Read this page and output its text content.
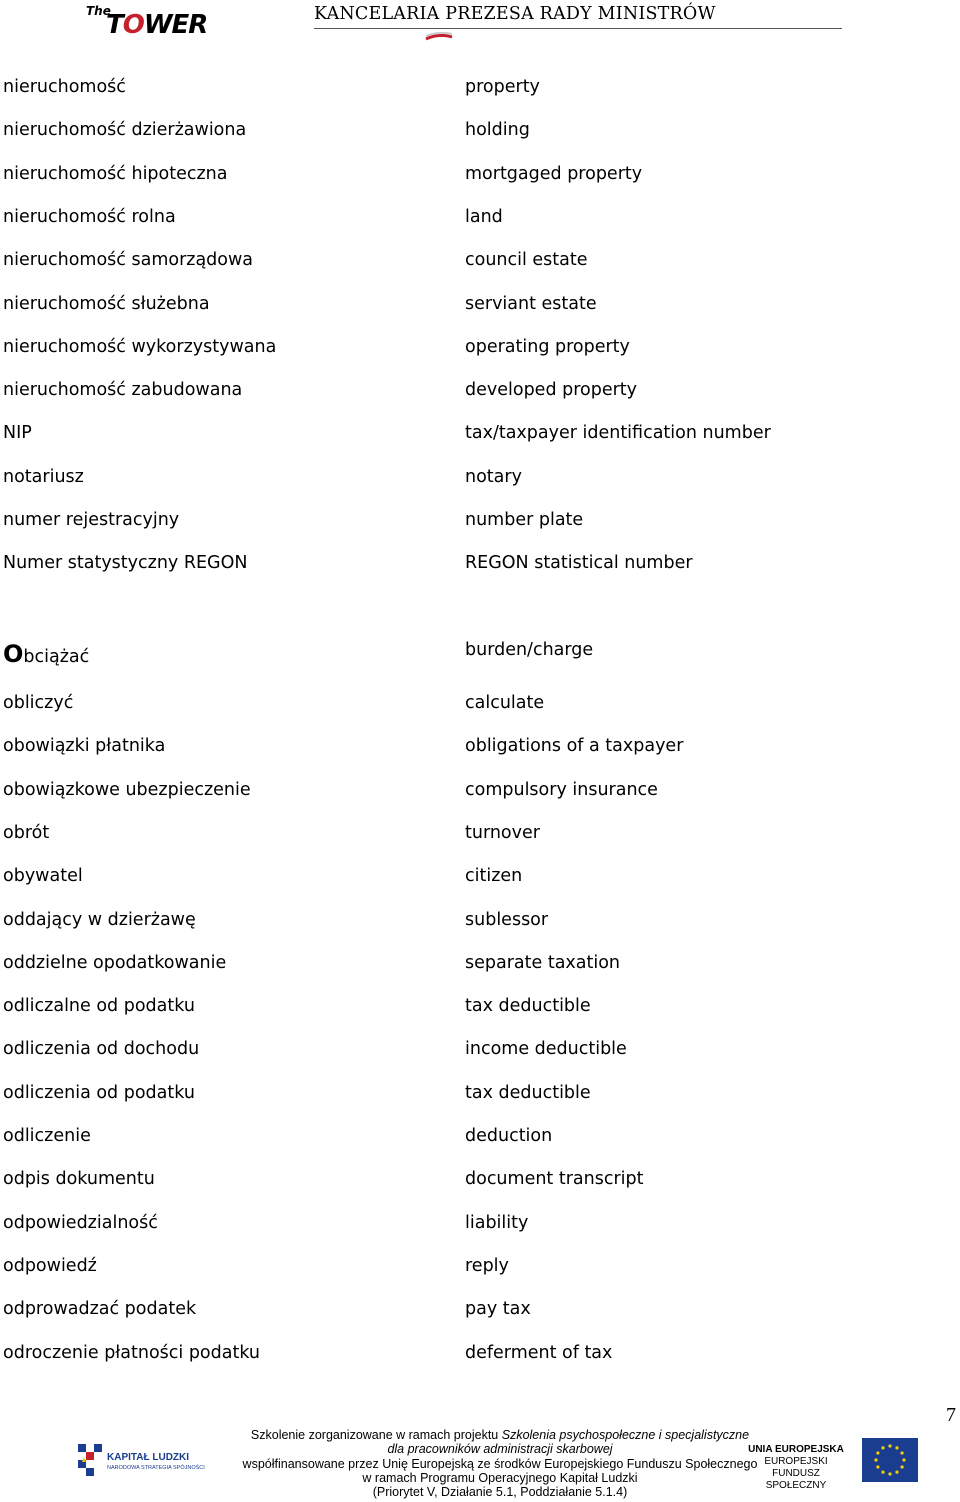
The
TOWER	KANCELARIA PREZESA RADY MINISTRÓW
nieruchomość	property
nieruchomość dzierżawiona	holding
nieruchomość hipoteczna	mortgaged property
nieruchomość rolna	land
nieruchomość samorządowa	council estate
nieruchomość służebna	serviant estate
nieruchomość wykorzystywana	operating property
nieruchomość zabudowana	developed property
NIP	tax/taxpayer identification number
notariusz	notary
numer rejestracyjny	number plate
Numer statystyczny REGON	REGON statistical number
Obciążać	burden/charge
obliczyć	calculate
obowiązki płatnika	obligations of a taxpayer
obowiązkowe ubezpieczenie	compulsory insurance
obrót	turnover
obywatel	citizen
oddający w dzierżawę	sublessor
oddzielne opodatkowanie	separate taxation
odliczalne od podatku	tax deductible
odliczenia od dochodu	income deductible
odliczenia od podatku	tax deductible
odliczenie	deduction
odpis dokumentu	document transcript
odpowiedzialność	liability
odpowiedź	reply
odprowadzać podatek	pay tax
odroczenie płatności podatku	deferment of tax
7
KAPITAŁ LUDZKI
NARODOWA STRATEGIA SPÓJNOŚCI
Szkolenie zorganizowane w ramach projektu Szkolenia psychospołeczne i specjalistyczne
dla pracowników administracji skarbowej
współfinansowane przez Unię Europejską ze środków Europejskiego Funduszu Społecznego
w ramach Programu Operacyjnego Kapitał Ludzki
(Priorytet V, Działanie 5.1, Poddziałanie 5.1.4)
UNIA EUROPEJSKA
EUROPEJSKI
FUNDUSZ SPOŁECZNY
